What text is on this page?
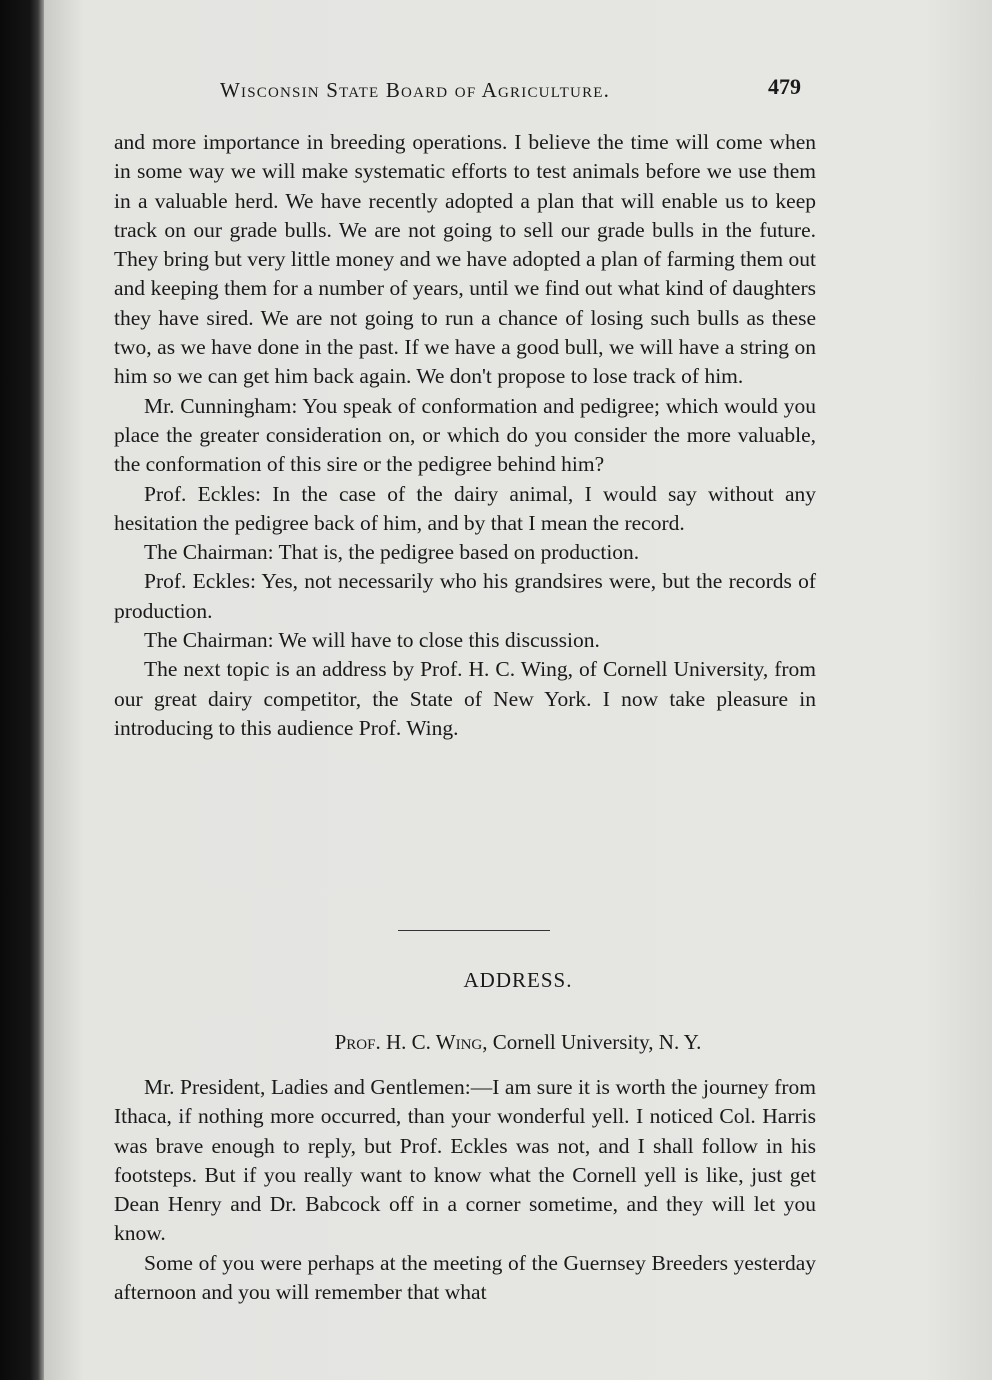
Wisconsin State Board of Agriculture.	479

and more importance in breeding operations. I believe the time will come when in some way we will make systematic efforts to test animals before we use them in a valuable herd. We have recently adopted a plan that will enable us to keep track on our grade bulls. We are not going to sell our grade bulls in the future. They bring but very little money and we have adopted a plan of farming them out and keeping them for a number of years, until we find out what kind of daughters they have sired. We are not going to run a chance of losing such bulls as these two, as we have done in the past. If we have a good bull, we will have a string on him so we can get him back again. We don't propose to lose track of him.

Mr. Cunningham: You speak of conformation and pedigree; which would you place the greater consideration on, or which do you consider the more valuable, the conformation of this sire or the pedigree behind him?

Prof. Eckles: In the case of the dairy animal, I would say without any hesitation the pedigree back of him, and by that I mean the record.

The Chairman: That is, the pedigree based on production.

Prof. Eckles: Yes, not necessarily who his grandsires were, but the records of production.

The Chairman: We will have to close this discussion.

The next topic is an address by Prof. H. C. Wing, of Cornell University, from our great dairy competitor, the State of New York. I now take pleasure in introducing to this audience Prof. Wing.

ADDRESS.
Prof. H. C. Wing, Cornell University, N. Y.

Mr. President, Ladies and Gentlemen:—I am sure it is worth the journey from Ithaca, if nothing more occurred, than your wonderful yell. I noticed Col. Harris was brave enough to reply, but Prof. Eckles was not, and I shall follow in his footsteps. But if you really want to know what the Cornell yell is like, just get Dean Henry and Dr. Babcock off in a corner sometime, and they will let you know.

Some of you were perhaps at the meeting of the Guernsey Breeders yesterday afternoon and you will remember that what
